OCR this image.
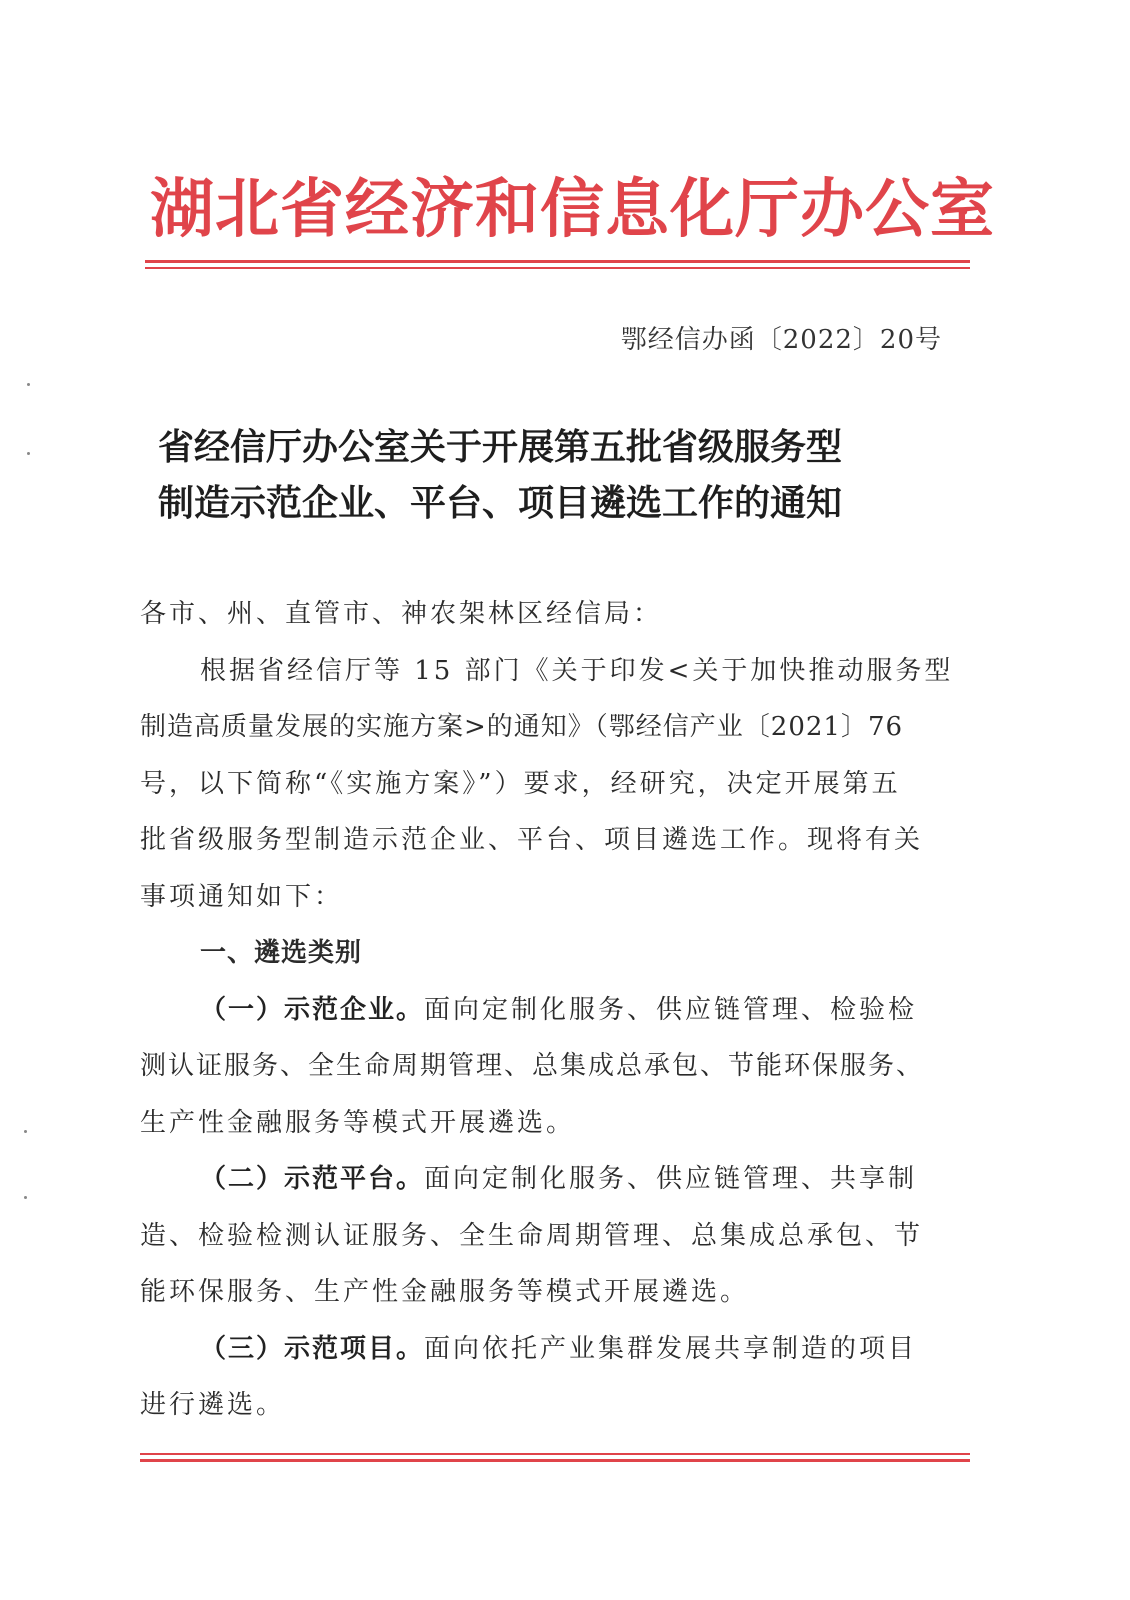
湖北省经济和信息化厅办公室
鄂经信办函〔2022〕20号
省经信厅办公室关于开展第五批省级服务型
制造示范企业、平台、项目遴选工作的通知
各市、州、直管市、神农架林区经信局：
根据省经信厅等 15 部门《关于印发<关于加快推动服务型
制造高质量发展的实施方案>的通知》（鄂经信产业〔2021〕76
号，以下简称“《实施方案》”）要求，经研究，决定开展第五
批省级服务型制造示范企业、平台、项目遴选工作。现将有关
事项通知如下：
一、遴选类别
（一）示范企业。面向定制化服务、供应链管理、检验检
测认证服务、全生命周期管理、总集成总承包、节能环保服务、
生产性金融服务等模式开展遴选。
（二）示范平台。面向定制化服务、供应链管理、共享制
造、检验检测认证服务、全生命周期管理、总集成总承包、节
能环保服务、生产性金融服务等模式开展遴选。
（三）示范项目。面向依托产业集群发展共享制造的项目
进行遴选。
